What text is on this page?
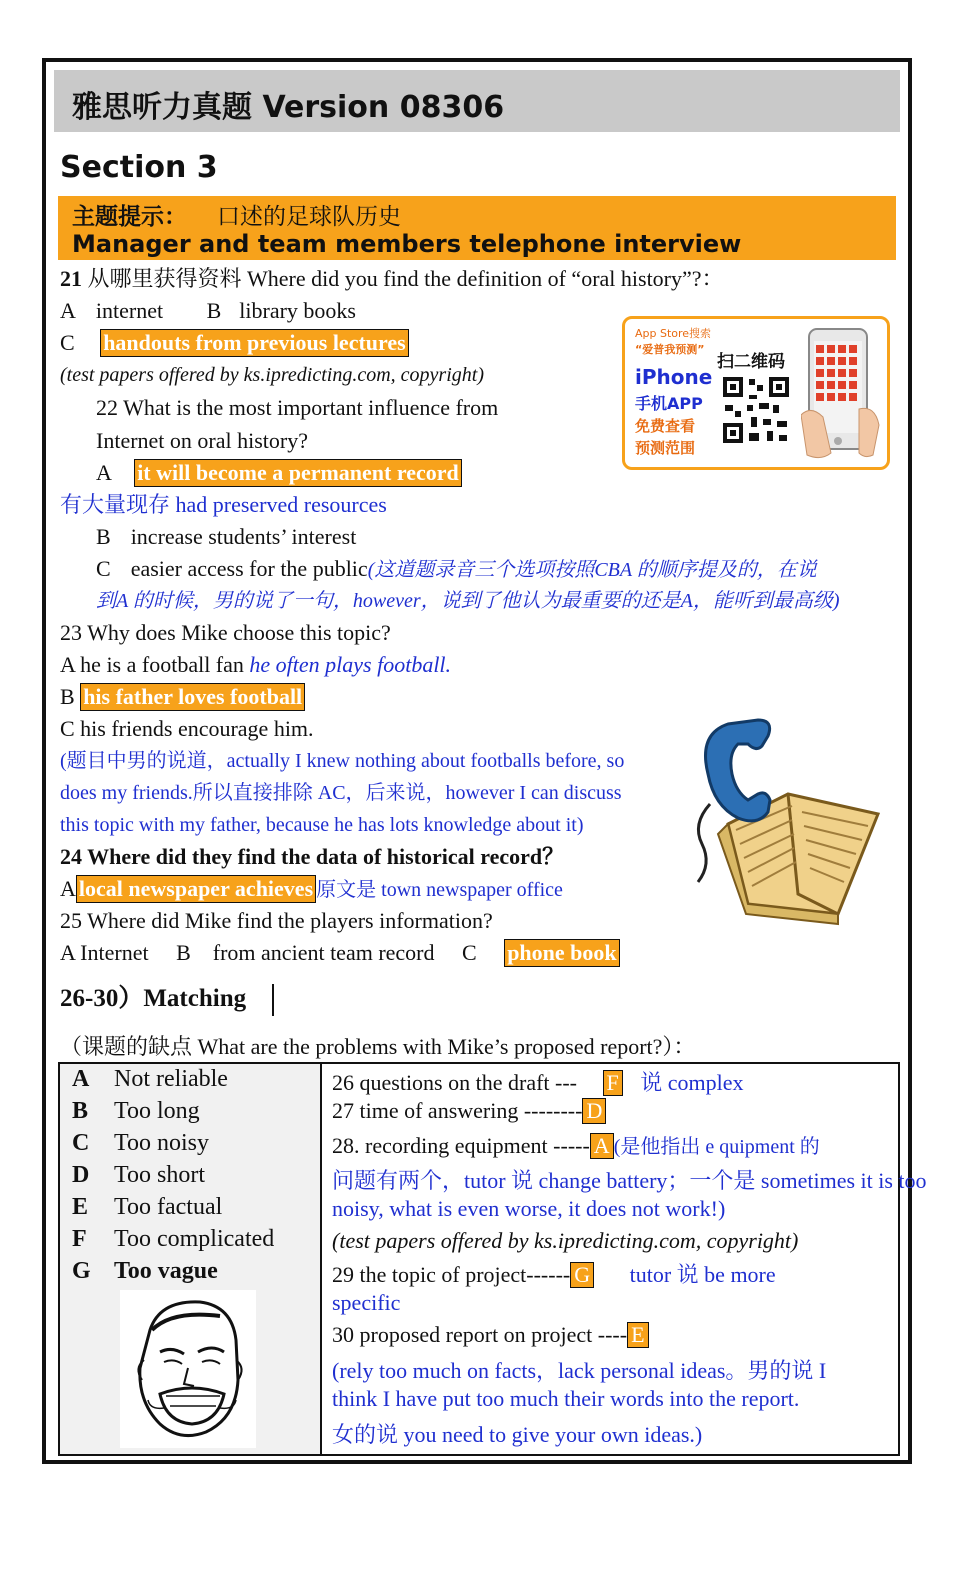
雅思听力真题 Version 08306
Section 3
主题提示： 口述的足球队历史
Manager and team members telephone interview
21 从哪里获得资料 Where did you find the definition of “oral history”?：
A internet B library books
C handouts from previous lectures
(test papers offered by ks.ipredicting.com, copyright)
App Store搜索
“爱普我预测”
iPhone
手机APP
免费查看
预测范围
扫二维码
22 What is the most important influence from
Internet on oral history?
A it will become a permanent record
有大量现存 had preserved resources
B increase students’ interest
C easier access for the public(这道题录音三个选项按照CBA 的顺序提及的，在说
到A 的时候，男的说了一句，however，说到了他认为最重要的还是A，能听到最高级)
23 Why does Mike choose this topic?
A he is a football fan he often plays football.
B his father loves football
C his friends encourage him.
(题目中男的说道，actually I knew nothing about footballs before, so
does my friends.所以直接排除 AC，后来说，however I can discuss
this topic with my father, because he has lots knowledge about it)
24 Where did they find the data of historical record？
A local newspaper achieves 原文是 town newspaper office
25 Where did Mike find the players information?
A Internet B from ancient team record C phone book
26-30）Matching
（课题的缺点 What are the problems with Mike’s proposed report?）：
A Not reliable
B Too long
C Too noisy
D Too short
E Too factual
F Too complicated
G Too vague
26 questions on the draft --- F 说 complex
27 time of answering -------- D
28. recording equipment ----- A (是他指出 e quipment 的
问题有两个，tutor 说 change battery；一个是 sometimes it is too
noisy, what is even worse, it does not work!)
(test papers offered by ks.ipredicting.com, copyright)
29 the topic of project------ G tutor 说 be more
specific
30 proposed report on project ---- E
(rely too much on facts，lack personal ideas。男的说 I
think I have put too much their words into the report.
女的说 you need to give your own ideas.)
